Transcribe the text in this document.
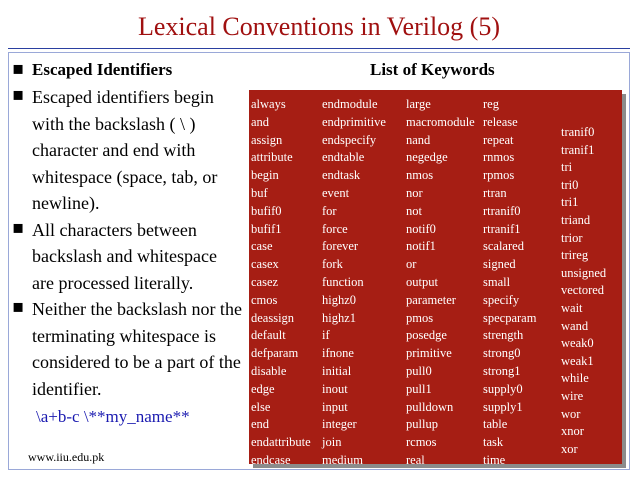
Lexical Conventions in Verilog (5)
▪ Escaped Identifiers
▪ Escaped identifiers begin
with the backslash ( \ )
character and end with
whitespace (space, tab, or
newline).
▪ All characters between
backslash and whitespace
are processed literally.
▪ Neither the backslash nor the
terminating whitespace is
considered to be a part of the
identifier.
\a+b-c \**my_name**
List of Keywords
always
and
assign
attribute
begin
buf
bufif0
bufif1
case
casex
casez
cmos
deassign
default
defparam
disable
edge
else
end
endattribute
endcase
endfunction
endmodule
endprimitive
endspecify
endtable
endtask
event
for
force
forever
fork
function
highz0
highz1
if
ifnone
initial
inout
input
integer
join
medium
module
large
macromodule
nand
negedge
nmos
nor
not
notif0
notif1
or
output
parameter
pmos
posedge
primitive
pull0
pull1
pulldown
pullup
rcmos
real
realtime
reg
release
repeat
rnmos
rpmos
rtran
rtranif0
rtranif1
scalared
signed
small
specify
specparam
strength
strong0
strong1
supply0
supply1
table
task
time
tran
tranif0
tranif1
tri
tri0
tri1
triand
trior
trireg
unsigned
vectored
wait
wand
weak0
weak1
while
wire
wor
xnor
xor
www.iiu.edu.pk
